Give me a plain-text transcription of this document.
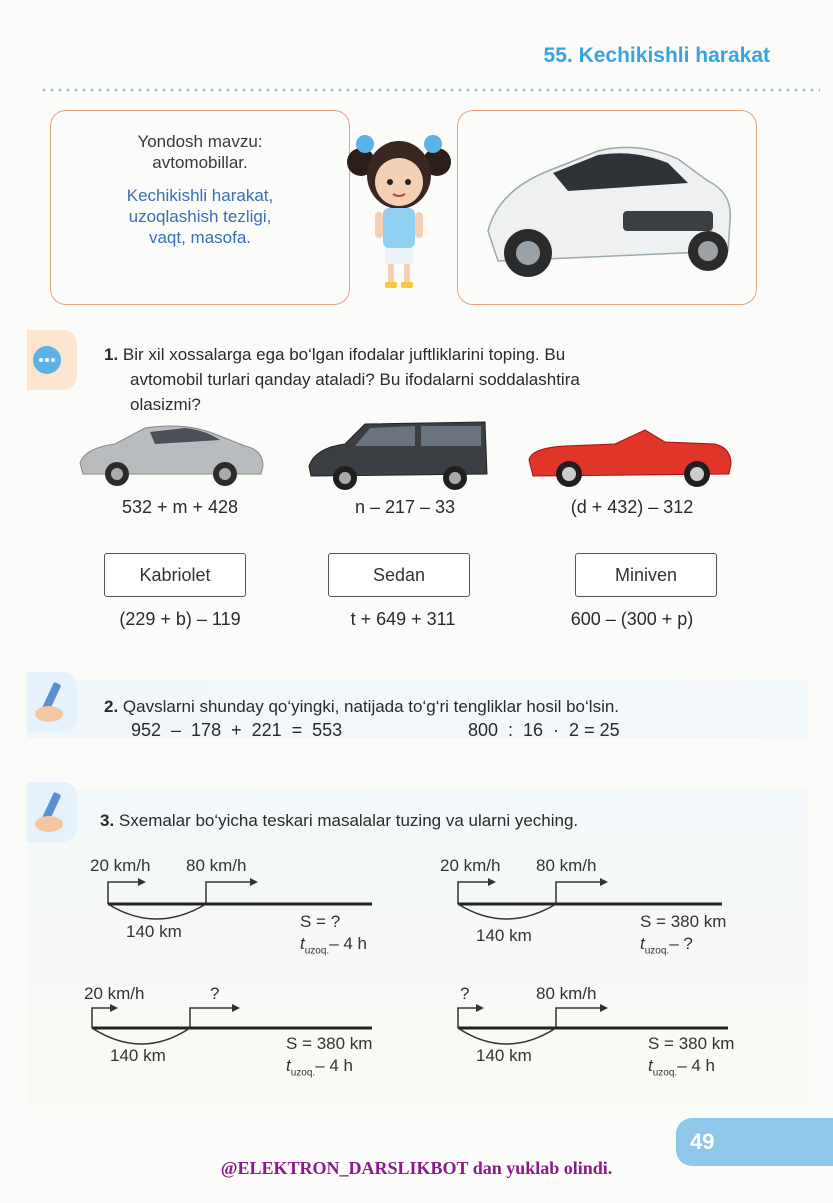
55. Kechikishli harakat
Yondosh mavzu:
avtomobillar.
Kechikishli harakat,
uzoqlashish tezligi,
vaqt, masofa.
1. Bir xil xossalarga ega bo‘lgan ifodalar juftliklarini toping. Bu
avtomobil turlari qanday ataladi? Bu ifodalarni soddalashtira
olasizmi?
532 + m + 428	n – 217 – 33	(d + 432) – 312
Kabriolet	Sedan	Miniven
(229 + b) – 119	t + 649 + 311	600 – (300 + p)
2. Qavslarni shunday qo‘yingki, natijada to‘g‘ri tengliklar hosil bo‘lsin.
952  –  178  +  221  =  553	800  :  16  ·  2 = 25
3. Sxemalar bo‘yicha teskari masalalar tuzing va ularni yeching.
20 km/h 80 km/h
140 km
S = ?
$t_{uzoq.}-$ 4 h
20 km/h 80 km/h
140 km
S = 380 km
$t_{uzoq.}-$ ?
20 km/h	?
140 km
S = 380 km
$t_{uzoq.}-$ 4 h
?	80 km/h
140 km
S = 380 km
$t_{uzoq.}-$ 4 h
49
@ELEKTRON_DARSLIKBOT dan yuklab olindi.
